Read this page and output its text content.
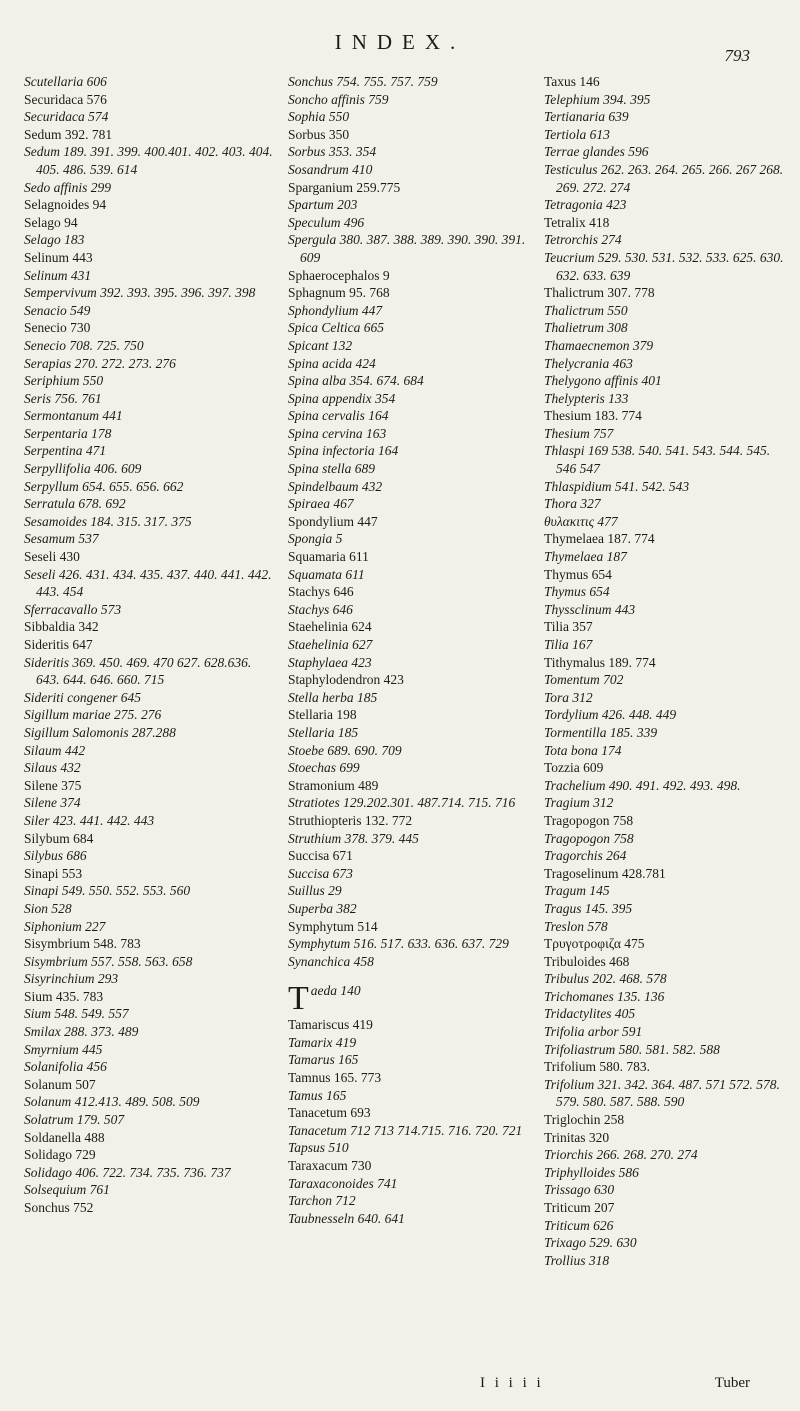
INDEX.
793

Scutellaria 606

Securidaca 576

Securidaca 574

Sedum 392. 781

Sedum 189. 391. 399. 400.401. 402. 403. 404. 405. 486. 539. 614

Sedo affinis 299

Selagnoides 94

Selago 94

Selago 183

Selinum 443

Selinum 431

Sempervivum 392. 393. 395. 396. 397. 398

Senacio 549

Senecio 730

Senecio 708. 725. 750

Serapias 270. 272. 273. 276

Seriphium 550

Seris 756. 761

Sermontanum 441

Serpentaria 178

Serpentina 471

Serpyllifolia 406. 609

Serpyllum 654. 655. 656. 662

Serratula 678. 692

Sesamoides 184. 315. 317. 375

Sesamum 537

Seseli 430

Seseli 426. 431. 434. 435. 437. 440. 441. 442. 443. 454

Sferracavallo 573

Sibbaldia 342

Sideritis 647

Sideritis 369. 450. 469. 470 627. 628.636. 643. 644. 646. 660. 715

Sideriti congener 645

Sigillum mariae 275. 276

Sigillum Salomonis 287.288

Silaum 442

Silaus 432

Silene 375

Silene 374

Siler 423. 441. 442. 443

Silybum 684

Silybus 686

Sinapi 553

Sinapi 549. 550. 552. 553. 560

Sion 528

Siphonium 227

Sisymbrium 548. 783

Sisymbrium 557. 558. 563. 658

Sisyrinchium 293

Sium 435. 783

Sium 548. 549. 557

Smilax 288. 373. 489

Smyrnium 445

Solanifolia 456

Solanum 507

Solanum 412.413. 489. 508. 509

Solatrum 179. 507

Soldanella 488

Solidago 729

Solidago 406. 722. 734. 735. 736. 737

Solsequium 761

Sonchus 752

Sonchus 754. 755. 757. 759

Soncho affinis 759

Sophia 550

Sorbus 350

Sorbus 353. 354

Sosandrum 410

Sparganium 259.775

Spartum 203

Speculum 496

Spergula 380. 387. 388. 389. 390. 390. 391. 609

Sphaerocephalos 9

Sphagnum 95. 768

Sphondylium 447

Spica Celtica 665

Spicant 132

Spina acida 424

Spina alba 354. 674. 684

Spina appendix 354

Spina cervalis 164

Spina cervina 163

Spina infectoria 164

Spina stella 689

Spindelbaum 432

Spiraea 467

Spondylium 447

Spongia 5

Squamaria 611

Squamata 611

Stachys 646

Stachys 646

Staehelinia 624

Staehelinia 627

Staphylaea 423

Staphylodendron 423

Stella herba 185

Stellaria 198

Stellaria 185

Stoebe 689. 690. 709

Stoechas 699

Stramonium 489

Stratiotes 129.202.301. 487.714. 715. 716

Struthiopteris 132. 772

Struthium 378. 379. 445

Succisa 671

Succisa 673

Suillus 29

Superba 382

Symphytum 514

Symphytum 516. 517. 633. 636. 637. 729

Synanchica 458

Taeda 140

Tamariscus 419

Tamarix 419

Tamarus 165

Tamnus 165. 773

Tamus 165

Tanacetum 693

Tanacetum 712 713 714.715. 716. 720. 721

Tapsus 510

Taraxacum 730

Taraxaconoides 741

Tarchon 712

Taubnesseln 640. 641

Taxus 146

Telephium 394. 395

Tertianaria 639

Tertiola 613

Terrae glandes 596

Testiculus 262. 263. 264. 265. 266. 267 268. 269. 272. 274

Tetragonia 423

Tetralix 418

Tetrorchis 274

Teucrium 529. 530. 531. 532. 533. 625. 630. 632. 633. 639

Thalictrum 307. 778

Thalictrum 550

Thalietrum 308

Thamaecnemon 379

Thelycrania 463

Thelygono affinis 401

Thelypteris 133

Thesium 183. 774

Thesium 757

Thlaspi 169 538. 540. 541. 543. 544. 545. 546 547

Thlaspidium 541. 542. 543

Thora 327

θυλακιτις 477

Thymelaea 187. 774

Thymelaea 187

Thymus 654

Thymus 654

Thyssclinum 443

Tilia 357

Tilia 167

Tithymalus 189. 774

Tomentum 702

Tora 312

Tordylium 426. 448. 449

Tormentilla 185. 339

Tota bona 174

Tozzia 609

Trachelium 490. 491. 492. 493. 498.

Tragium 312

Tragopogon 758

Tragopogon 758

Tragorchis 264

Tragoselinum 428.781

Tragum 145

Tragus 145. 395

Treslon 578

Τρυγοτροφιζα 475

Tribuloides 468

Tribulus 202. 468. 578

Trichomanes 135. 136

Tridactylites 405

Trifolia arbor 591

Trifoliastrum 580. 581. 582. 588

Trifolium 580. 783.

Trifolium 321. 342. 364. 487. 571 572. 578. 579. 580. 587. 588. 590

Triglochin 258

Trinitas 320

Triorchis 266. 268. 270. 274

Triphylloides 586

Trissago 630

Triticum 207

Triticum 626

Trixago 529. 630

Trollius 318

I i i i i	Tuber
